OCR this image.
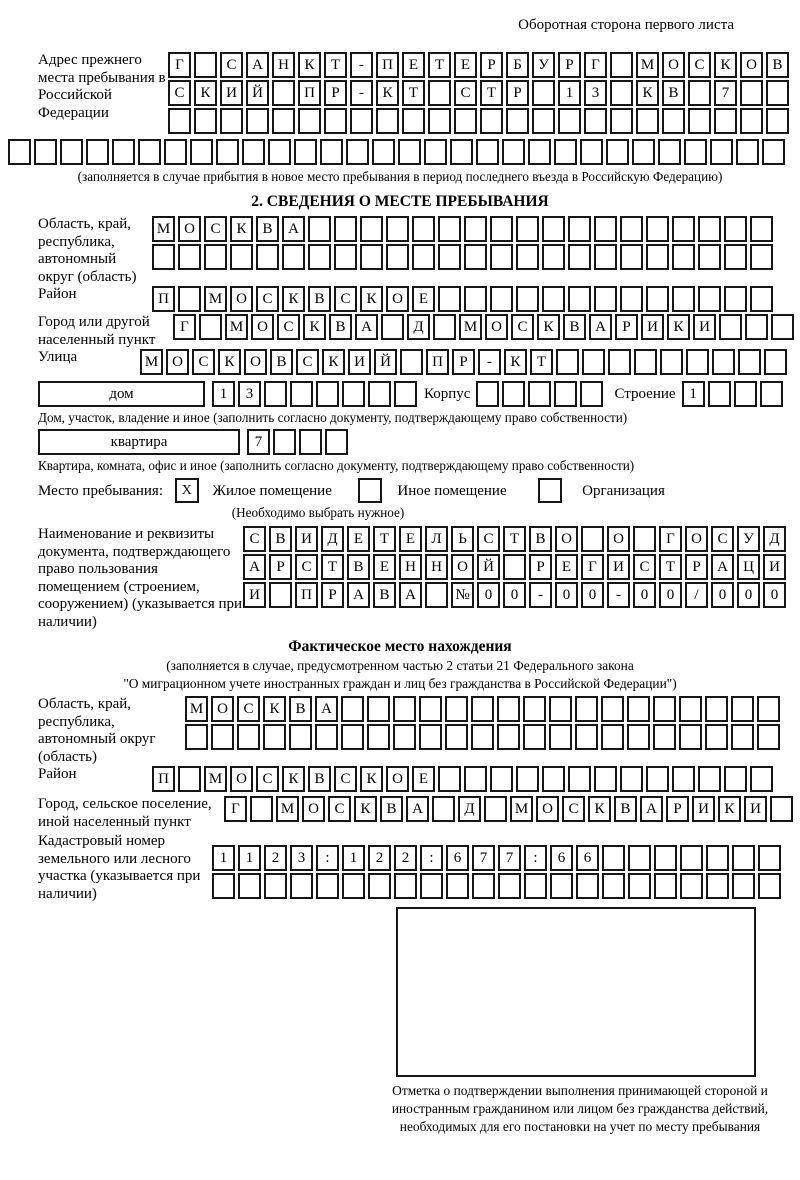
Оборотная сторона первого листа
Адрес прежнего места пребывания в Российской Федерации
Г	С А Н К Т - П Е Т Е Р Б У Р Г	М О С К О В
С К И Й	П Р - К Т	С Т Р	1 3	К В	7
(заполняется в случае прибытия в новое место пребывания в период последнего въезда в Российскую Федерацию)
2. СВЕДЕНИЯ О МЕСТЕ ПРЕБЫВАНИЯ
Область, край, республика, автономный округ (область)
М О С К В А
Район	П	М О С К В С К О Е
Город или другой населенный пункт
Г	М О С К В А	Д	М О С К В А Р И К И
Улица	М О С К О В С К И Й	П Р - К Т
дом	1 3	Корпус	Строение 1
Дом, участок, владение и иное (заполнить согласно документу, подтверждающему право собственности)
квартира	7
Квартира, комната, офис и иное (заполнить согласно документу, подтверждающему право собственности)
Место пребывания: X Жилое помещение	Иное помещение	Организация
(Необходимо выбрать нужное)
Наименование и реквизиты документа, подтверждающего право пользования помещением (строением, сооружением) (указывается при наличии)
С В И Д Е Т Е Л Ь С Т В О	О	Г О С У Д
А Р С Т В Е Н Н О Й	Р Е Г И С Т Р А Ц И
И	П Р А В А	№ 0 0 - 0 0 - 0 0 / 0 0 0
Фактическое место нахождения
(заполняется в случае, предусмотренном частью 2 статьи 21 Федерального закона
"О миграционном учете иностранных граждан и лиц без гражданства в Российской Федерации")
Область, край, республика, автономный округ (область)
М О С К В А
Район	П	М О С К В С К О Е
Город, сельское поселение, иной населенный пункт
Г	М О С К В А	Д	М О С К В А Р И К И
Кадастровый номер земельного или лесного участка (указывается при наличии)
1 1 2 3 : 1 2 2 : 6 7 7 : 6 6
Отметка о подтверждении выполнения принимающей стороной и иностранным гражданином или лицом без гражданства действий, необходимых для его постановки на учет по месту пребывания
